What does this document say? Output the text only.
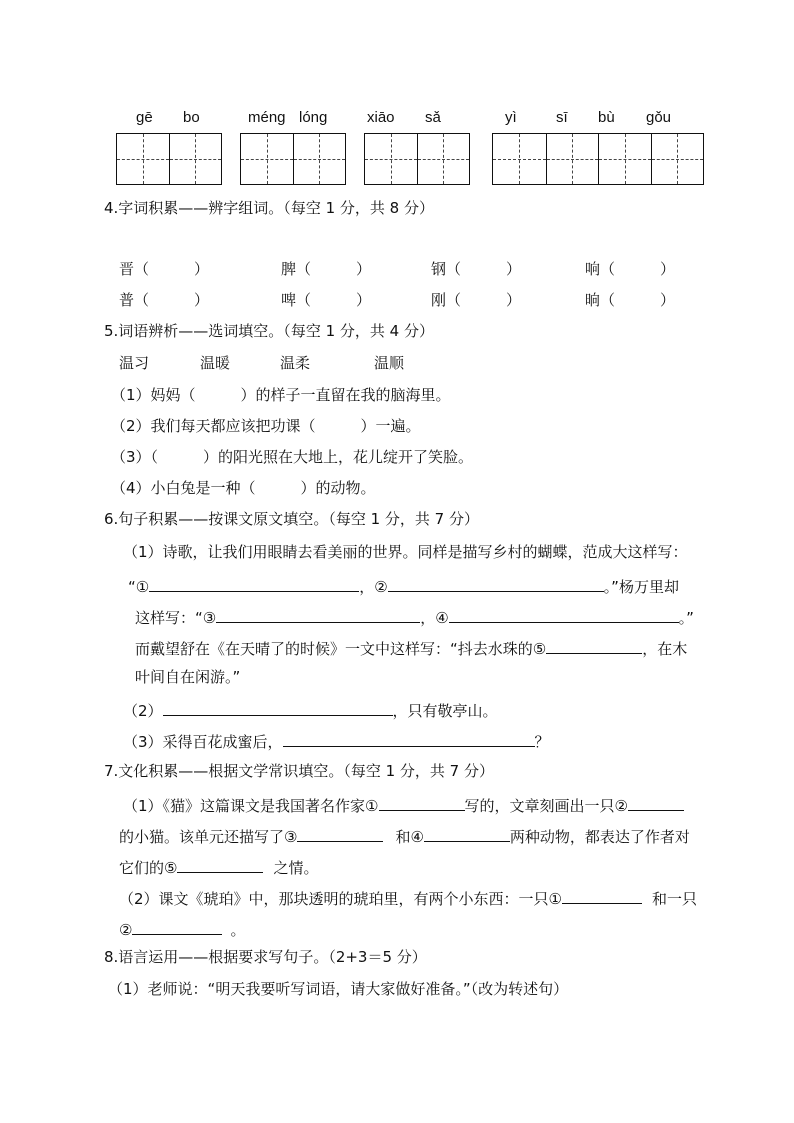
gē bo	méng lóng	xiāo sǎ	yì	sī bù gǒu
4.字词积累——辨字组词。（每空 1 分，共 8 分）
晋（　　　）	脾（　　　）	钢（　　　）	响（　　　）
普（　　　）	啤（　　　）	刚（　　　）	晌（　　　）
5.词语辨析——选词填空。（每空 1 分，共 4 分）
温习	温暖	温柔	温顺
（1）妈妈（　　　）的样子一直留在我的脑海里。
（2）我们每天都应该把功课（　　　）一遍。
（3）（　　　）的阳光照在大地上，花儿绽开了笑脸。
（4）小白兔是一种（　　　）的动物。
6.句子积累——按课文原文填空。（每空 1 分，共 7 分）
（1）诗歌，让我们用眼睛去看美丽的世界。同样是描写乡村的蝴蝶，范成大这样写：
“①	，②	。”杨万里却
这样写：“③	，④	。”
而戴望舒在《在天晴了的时候》一文中这样写：“抖去水珠的⑤	，在木
叶间自在闲游。”
（2）	，只有敬亭山。
（3）采得百花成蜜后，	？
7.文化积累——根据文学常识填空。（每空 1 分，共 7 分）
（1）《猫》这篇课文是我国著名作家①	写的，文章刻画出一只②
的小猫。该单元还描写了③	和④	两种动物，都表达了作者对
它们的⑤	之情。
（2）课文《琥珀》中，那块透明的琥珀里，有两个小东西：一只①	和一只
②	。
8.语言运用——根据要求写句子。（2+3＝5 分）
（1）老师说：“明天我要听写词语，请大家做好准备。”（改为转述句）
